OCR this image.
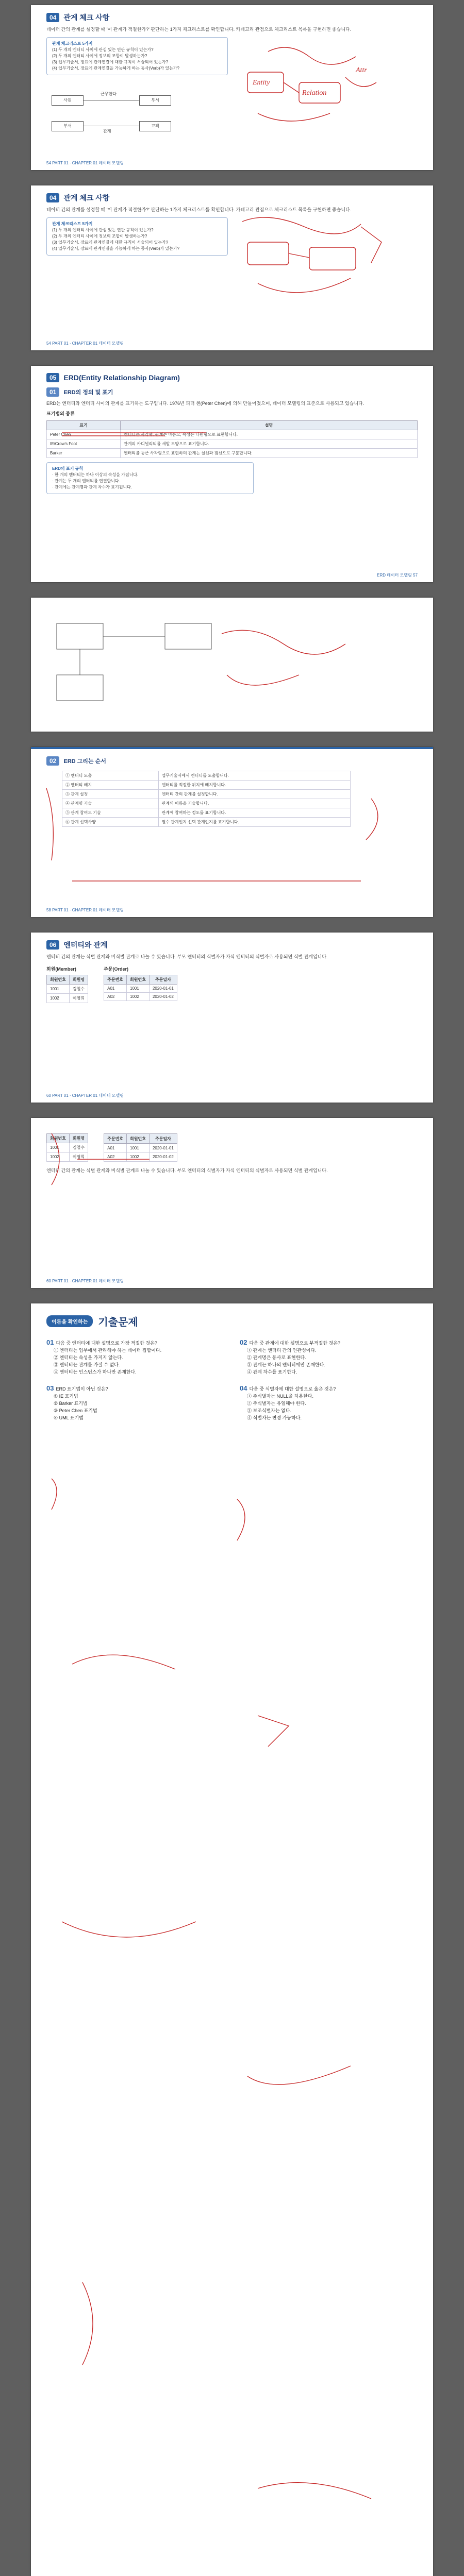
04	관계 체크 사항
테이터 간의 관계를 설정할 때 '이 관계가 적절한가?' 판단하는 1가지 체크리스트를 확인합니다. 카테고리 관점으로 체크리스트 목록을 구현하면 좋습니다.
관계 체크리스트 5가지
(1) 두 개의 엔터티 사이에 관심 있는 연관 규칙이 있는가?
(2) 두 개의 엔터티 사이에 정보의 조합이 발생하는가?
(3) 업무기술서, 장표에 관계연결에 대한 규칙이 서술되어 있는가?
(4) 업무기술서, 장표에 관계연결을 가능하게 하는 동사(Verb)가 있는가?
사원	부서
근무한다
부서	고객
관계
Entity
Relation
Attr
54 PART 01 · CHAPTER 01 데이터 모델링
04	관계 체크 사항
테이터 간의 관계를 설정할 때 '이 관계가 적절한가?' 판단하는 1가지 체크리스트를 확인합니다. 카테고리 관점으로 체크리스트 목록을 구현하면 좋습니다.
관계 체크리스트 5가지
(1) 두 개의 엔터티 사이에 관심 있는 연관 규칙이 있는가?
(2) 두 개의 엔터티 사이에 정보의 조합이 발생하는가?
(3) 업무기술서, 장표에 관계연결에 대한 규칙이 서술되어 있는가?
(4) 업무기술서, 장표에 관계연결을 가능하게 하는 동사(Verb)가 있는가?
54 PART 01 · CHAPTER 01 데이터 모델링
05	ERD(Entity Relationship Diagram)
01	ERD의 정의 및 표기
ERD는 엔터티와 엔터티 사이의 관계를 표기하는 도구입니다. 1976년 피터 첸(Peter Chen)에 의해 만들어졌으며, 데이터 모델링의 표준으로 사용되고 있습니다.
표기법의 종류
표기	설명
Peter Chen	엔터티는 사각형, 관계는 마름모, 속성은 타원형으로 표현합니다.
IE/Crow's Foot	관계의 카디널리티를 새발 모양으로 표기합니다.
Barker	엔터티를 둥근 사각형으로 표현하며 관계는 실선과 점선으로 구분합니다.
ERD의 표기 규칙
· 한 개의 엔터티는 하나 이상의 속성을 가집니다.
· 관계는 두 개의 엔터티를 연결합니다.
· 관계에는 관계명과 관계 차수가 표기됩니다.
ERD 데이터 모델링 57
02	ERD 그리는 순서
① 엔터티 도출	업무기술서에서 엔터티를 도출합니다.
② 엔터티 배치	엔터티를 적절한 위치에 배치합니다.
③ 관계 설정	엔터티 간의 관계를 설정합니다.
④ 관계명 기술	관계의 이름을 기술합니다.
⑤ 관계 참여도 기술	관계에 참여하는 정도를 표기합니다.
⑥ 관계 선택사양	필수 관계인지 선택 관계인지를 표기합니다.
58 PART 01 · CHAPTER 01 데이터 모델링
06	엔터티와 관계
엔터티 간의 관계는 식별 관계와 비식별 관계로 나눌 수 있습니다. 부모 엔터티의 식별자가 자식 엔터티의 식별자로 사용되면 식별 관계입니다.
회원(Member)
회원번호	회원명
1001	김철수
1002	이영희
주문(Order)
주문번호	회원번호	주문일자
A01	1001	2020-01-01
A02	1002	2020-01-02
60 PART 01 · CHAPTER 01 데이터 모델링
회원번호	회원명
1001	김철수
1002	이영희
주문번호	회원번호	주문일자
A01	1001	2020-01-01
A02	1002	2020-01-02
엔터티 간의 관계는 식별 관계와 비식별 관계로 나눌 수 있습니다. 부모 엔터티의 식별자가 자식 엔터티의 식별자로 사용되면 식별 관계입니다.
60 PART 01 · CHAPTER 01 데이터 모델링
이론을 확인하는	기출문제
01 다음 중 엔터티에 대한 설명으로 가장 적절한 것은?
① 엔터티는 업무에서 관리해야 하는 데이터 집합이다.
② 엔터티는 속성을 가지지 않는다.
③ 엔터티는 관계를 가질 수 없다.
④ 엔터티는 인스턴스가 하나만 존재한다.
02 다음 중 관계에 대한 설명으로 부적절한 것은?
① 관계는 엔터티 간의 연관성이다.
② 관계명은 동사로 표현한다.
③ 관계는 하나의 엔터티에만 존재한다.
④ 관계 차수를 표기한다.
03 ERD 표기법이 아닌 것은?
① IE 표기법
② Barker 표기법
③ Peter Chen 표기법
④ UML 표기법
04 다음 중 식별자에 대한 설명으로 옳은 것은?
① 주식별자는 NULL을 허용한다.
② 주식별자는 유일해야 한다.
③ 보조식별자는 없다.
④ 식별자는 변경 가능하다.
